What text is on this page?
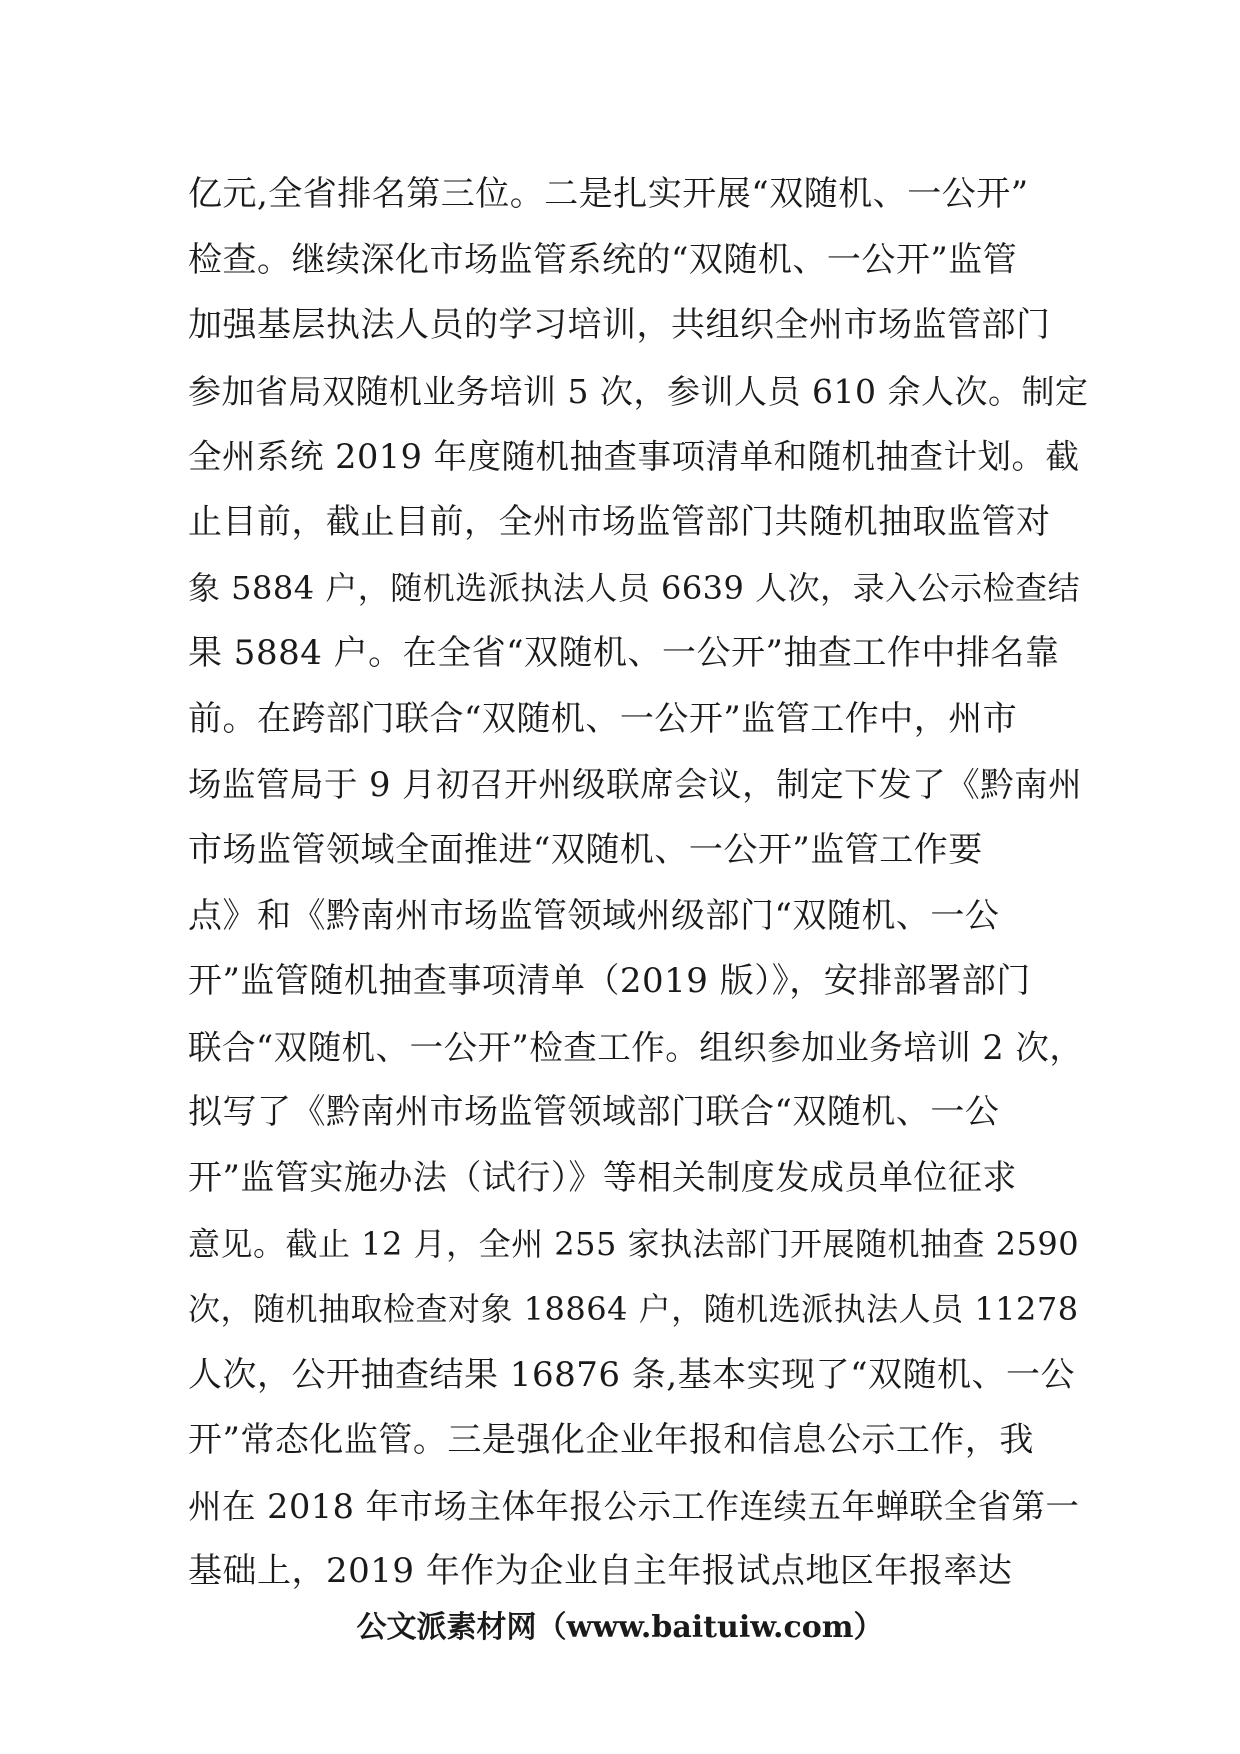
亿元,全省排名第三位。二是扎实开展“双随机、一公开”
检查。继续深化市场监管系统的“双随机、一公开”监管
加强基层执法人员的学习培训，共组织全州市场监管部门
参加省局双随机业务培训 5 次，参训人员 610 余人次。制定
全州系统 2019 年度随机抽查事项清单和随机抽查计划。截
止目前，截止目前，全州市场监管部门共随机抽取监管对
象 5884 户，随机选派执法人员 6639 人次，录入公示检查结
果 5884 户。在全省“双随机、一公开”抽查工作中排名靠
前。在跨部门联合“双随机、一公开”监管工作中，州市
场监管局于 9 月初召开州级联席会议，制定下发了《黔南州
市场监管领域全面推进“双随机、一公开”监管工作要
点》和《黔南州市场监管领域州级部门“双随机、一公
开”监管随机抽查事项清单（2019 版）》，安排部署部门
联合“双随机、一公开”检查工作。组织参加业务培训 2 次，
拟写了《黔南州市场监管领域部门联合“双随机、一公
开”监管实施办法（试行）》等相关制度发成员单位征求
意见。截止 12 月，全州 255 家执法部门开展随机抽查 2590
次，随机抽取检查对象 18864 户，随机选派执法人员 11278
人次，公开抽查结果 16876 条,基本实现了“双随机、一公
开”常态化监管。三是强化企业年报和信息公示工作，我
州在 2018 年市场主体年报公示工作连续五年蝉联全省第一
基础上，2019 年作为企业自主年报试点地区年报率达
公文派素材网（www.baituiw.com）
